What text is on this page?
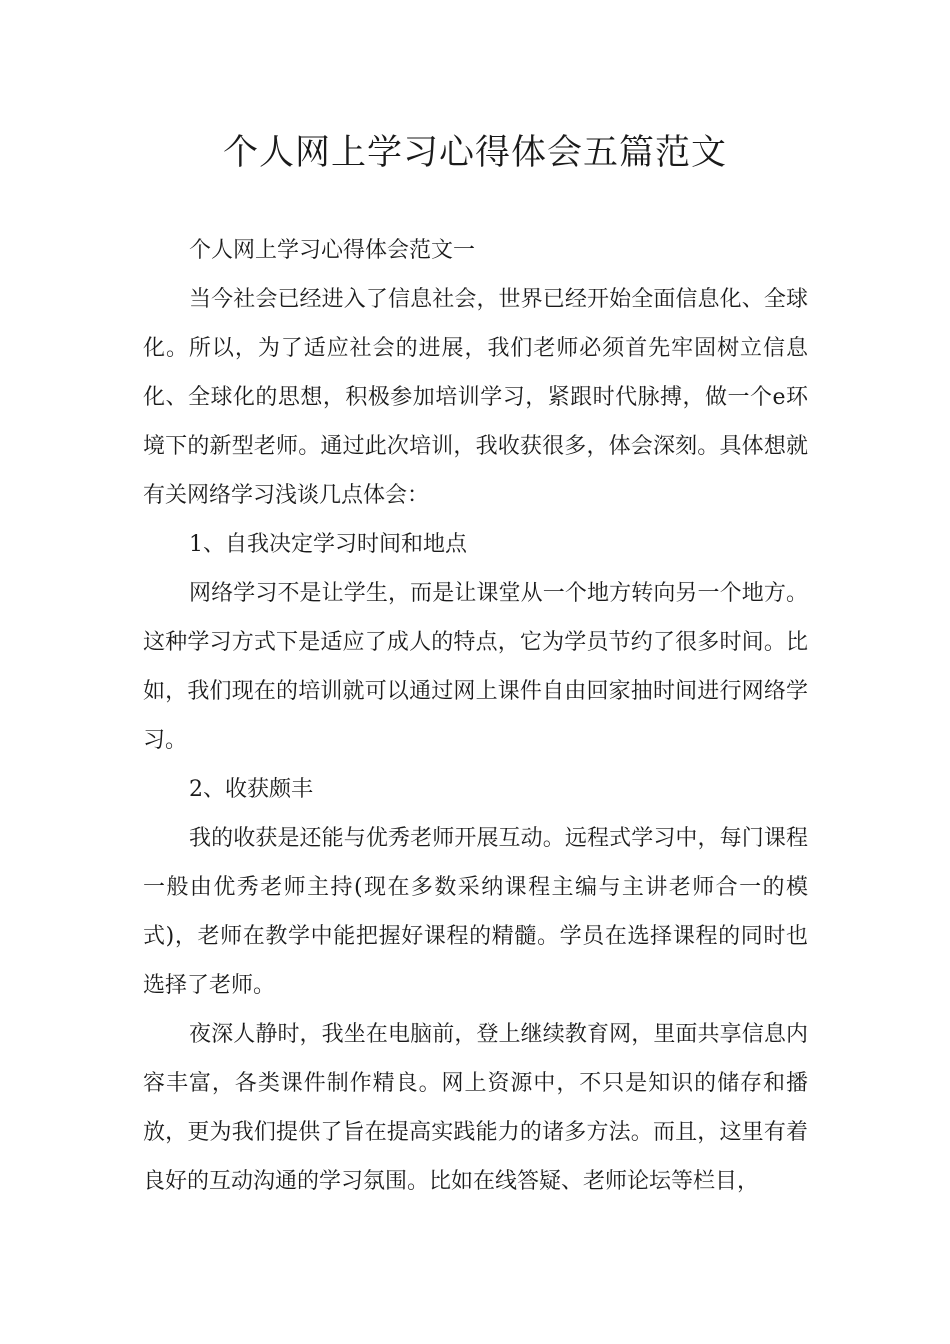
个人网上学习心得体会五篇范文

个人网上学习心得体会范文一

当今社会已经进入了信息社会，世界已经开始全面信息化、全球化。所以，为了适应社会的进展，我们老师必须首先牢固树立信息化、全球化的思想，积极参加培训学习，紧跟时代脉搏，做一个e环境下的新型老师。通过此次培训，我收获很多，体会深刻。具体想就有关网络学习浅谈几点体会：

1、自我决定学习时间和地点

网络学习不是让学生，而是让课堂从一个地方转向另一个地方。这种学习方式下是适应了成人的特点，它为学员节约了很多时间。比如，我们现在的培训就可以通过网上课件自由回家抽时间进行网络学习。

2、收获颇丰

我的收获是还能与优秀老师开展互动。远程式学习中，每门课程一般由优秀老师主持(现在多数采纳课程主编与主讲老师合一的模式)，老师在教学中能把握好课程的精髓。学员在选择课程的同时也选择了老师。

夜深人静时，我坐在电脑前，登上继续教育网，里面共享信息内容丰富，各类课件制作精良。网上资源中，不只是知识的储存和播放，更为我们提供了旨在提高实践能力的诸多方法。而且，这里有着良好的互动沟通的学习氛围。比如在线答疑、老师论坛等栏目，
